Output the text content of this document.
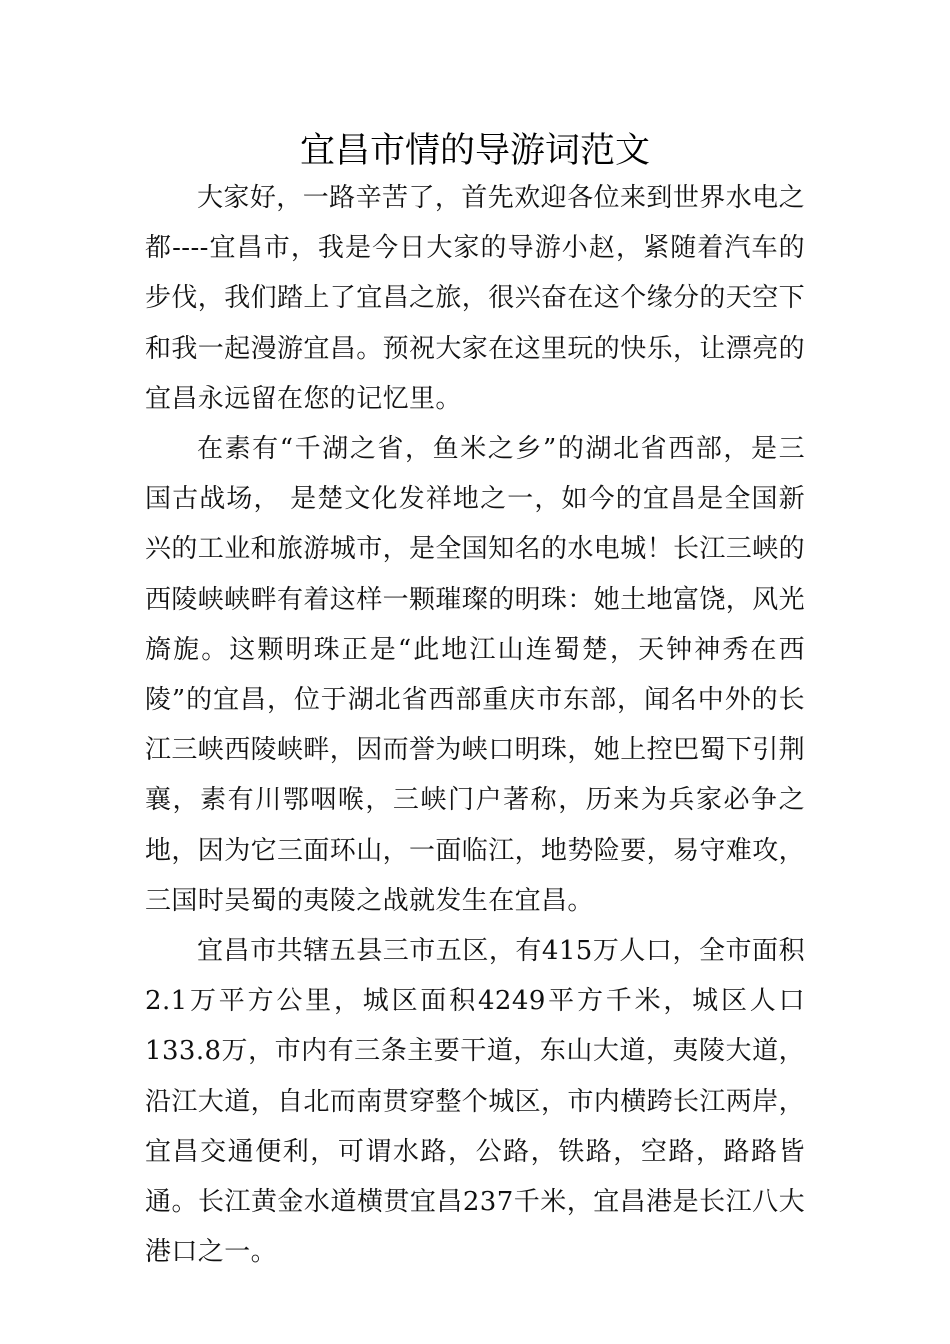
宜昌市情的导游词范文

大家好，一路辛苦了，首先欢迎各位来到世界水电之都----宜昌市，我是今日大家的导游小赵，紧随着汽车的步伐，我们踏上了宜昌之旅，很兴奋在这个缘分的天空下和我一起漫游宜昌。预祝大家在这里玩的快乐，让漂亮的宜昌永远留在您的记忆里。

在素有“千湖之省，鱼米之乡”的湖北省西部，是三国古战场， 是楚文化发祥地之一，如今的宜昌是全国新兴的工业和旅游城市，是全国知名的水电城！长江三峡的西陵峡峡畔有着这样一颗璀璨的明珠：她土地富饶，风光旖旎。这颗明珠正是“此地江山连蜀楚，天钟神秀在西陵”的宜昌，位于湖北省西部重庆市东部，闻名中外的长江三峡西陵峡畔，因而誉为峡口明珠，她上控巴蜀下引荆襄，素有川鄂咽喉，三峡门户著称，历来为兵家必争之地，因为它三面环山，一面临江，地势险要，易守难攻，三国时吴蜀的夷陵之战就发生在宜昌。

宜昌市共辖五县三市五区，有415万人口，全市面积2.1万平方公里，城区面积4249平方千米，城区人口133.8万，市内有三条主要干道，东山大道，夷陵大道，沿江大道，自北而南贯穿整个城区，市内横跨长江两岸，宜昌交通便利，可谓水路，公路，铁路，空路，路路皆通。长江黄金水道横贯宜昌237千米，宜昌港是长江八大港口之一。
